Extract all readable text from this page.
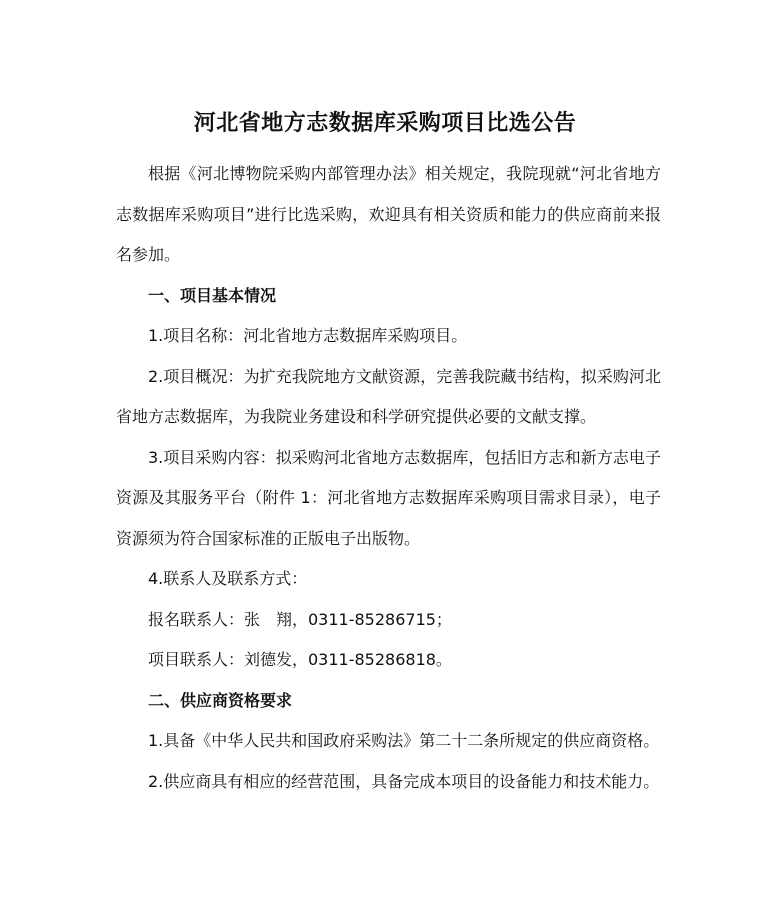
河北省地方志数据库采购项目比选公告

根据《河北博物院采购内部管理办法》相关规定，我院现就“河北省地方志数据库采购项目”进行比选采购，欢迎具有相关资质和能力的供应商前来报名参加。

一、项目基本情况

1.项目名称：河北省地方志数据库采购项目。

2.项目概况：为扩充我院地方文献资源，完善我院藏书结构，拟采购河北省地方志数据库，为我院业务建设和科学研究提供必要的文献支撑。

3.项目采购内容：拟采购河北省地方志数据库，包括旧方志和新方志电子资源及其服务平台（附件 1：河北省地方志数据库采购项目需求目录），电子资源须为符合国家标准的正版电子出版物。

4.联系人及联系方式：

报名联系人：张　翔，0311-85286715；

项目联系人：刘德发，0311-85286818。

二、供应商资格要求

1.具备《中华人民共和国政府采购法》第二十二条所规定的供应商资格。

2.供应商具有相应的经营范围，具备完成本项目的设备能力和技术能力。
